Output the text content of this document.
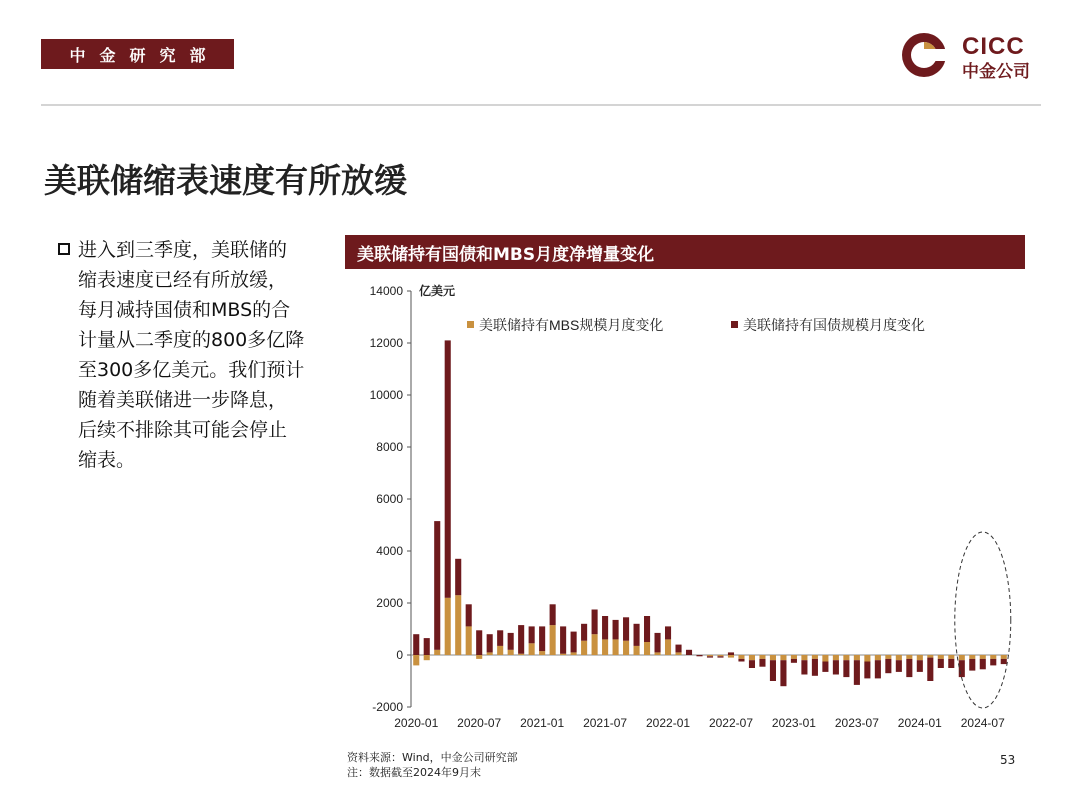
中金研究部	CICC
中金公司
美联储缩表速度有所放缓
进入到三季度，美联储的
缩表速度已经有所放缓，
每月减持国债和MBS的合
计量从二季度的800多亿降
至300多亿美元。我们预计
随着美联储进一步降息，
后续不排除其可能会停止
缩表。
美联储持有国债和MBS月度净增量变化
-2000
0
2000
4000
6000
8000
10000
12000
14000 亿美元
2020-01 2020-07 2021-01 2021-07 2022-01 2022-07 2023-01 2023-07 2024-01 2024-07
美联储持有MBS规模月度变化	美联储持有国债规模月度变化
资料来源：Wind，中金公司研究部
注：数据截至2024年9月末
53
